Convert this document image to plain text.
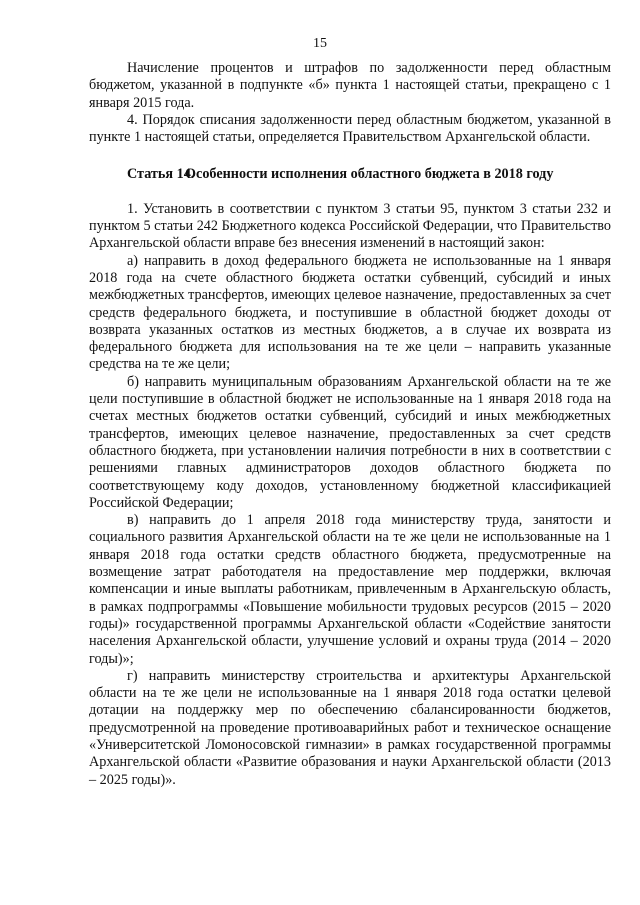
15

Начисление процентов и штрафов по задолженности перед областным бюджетом, указанной в подпункте «б» пункта 1 настоящей статьи, прекращено с 1 января 2015 года.

4. Порядок списания задолженности перед областным бюджетом, указанной в пункте 1 настоящей статьи, определяется Правительством Архангельской области.

Статья 14.
Особенности исполнения областного бюджета в 2018 году

1. Установить в соответствии с пунктом 3 статьи 95, пунктом 3 статьи 232 и пунктом 5 статьи 242 Бюджетного кодекса Российской Федерации, что Правительство Архангельской области вправе без внесения изменений в настоящий закон:

а) направить в доход федерального бюджета не использованные на 1 января 2018 года на счете областного бюджета остатки субвенций, субсидий и иных межбюджетных трансфертов, имеющих целевое назначение, предоставленных за счет средств федерального бюджета, и поступившие в областной бюджет доходы от возврата указанных остатков из местных бюджетов, а в случае их возврата из федерального бюджета для использования на те же цели – направить указанные средства на те же цели;

б) направить муниципальным образованиям Архангельской области на те же цели поступившие в областной бюджет не использованные на 1 января 2018 года на счетах местных бюджетов остатки субвенций, субсидий и иных межбюджетных трансфертов, имеющих целевое назначение, предоставленных за счет средств областного бюджета, при установлении наличия потребности в них в соответствии с решениями главных администраторов доходов областного бюджета по соответствующему коду доходов, установленному бюджетной классификацией Российской Федерации;

в) направить до 1 апреля 2018 года министерству труда, занятости и социального развития Архангельской области на те же цели не использованные на 1 января 2018 года остатки средств областного бюджета, предусмотренные на возмещение затрат работодателя на предоставление мер поддержки, включая компенсации и иные выплаты работникам, привлеченным в Архангельскую область, в рамках подпрограммы «Повышение мобильности трудовых ресурсов (2015 – 2020 годы)» государственной программы Архангельской области «Содействие занятости населения Архангельской области, улучшение условий и охраны труда (2014 – 2020 годы)»;

г) направить министерству строительства и архитектуры Архангельской области на те же цели не использованные на 1 января 2018 года остатки целевой дотации на поддержку мер по обеспечению сбалансированности бюджетов, предусмотренной на проведение противоаварийных работ и техническое оснащение «Университетской Ломоносовской гимназии» в рамках государственной программы Архангельской области «Развитие образования и науки Архангельской области (2013 – 2025 годы)».
